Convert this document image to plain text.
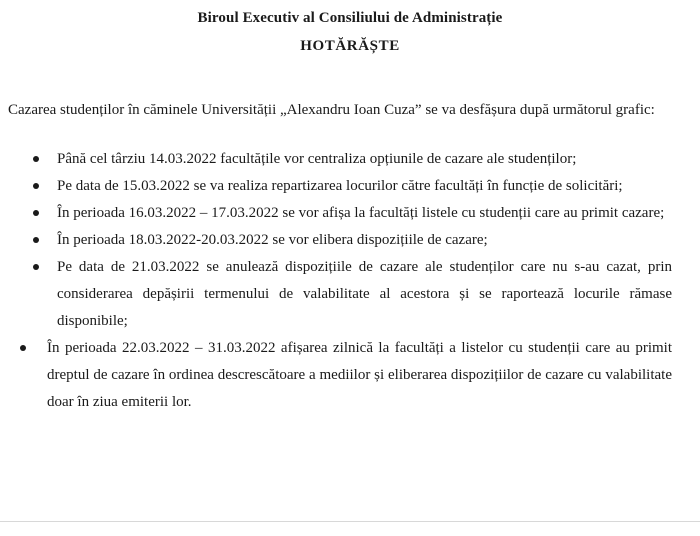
Biroul Executiv al Consiliului de Administrație
HOTĂRĂȘTE
Cazarea studenților în căminele Universității „Alexandru Ioan Cuza” se va desfășura după următorul grafic:
Până cel târziu 14.03.2022 facultățile vor centraliza opțiunile de cazare ale studenților;
Pe data de 15.03.2022 se va realiza repartizarea locurilor către facultăți în funcție de solicitări;
În perioada 16.03.2022 – 17.03.2022 se vor afișa la facultăți listele cu studenții care au primit cazare;
În perioada 18.03.2022-20.03.2022 se vor elibera dispozițiile de cazare;
Pe data de 21.03.2022 se anulează dispozițiile de cazare ale studenților care nu s-au cazat, prin considerarea depășirii termenului de valabilitate al acestora și se raportează locurile rămase disponibile;
În perioada 22.03.2022 – 31.03.2022 afișarea zilnică la facultăți a listelor cu studenții care au primit dreptul de cazare în ordinea descrescătoare a mediilor și eliberarea dispozițiilor de cazare cu valabilitate doar în ziua emiterii lor.
